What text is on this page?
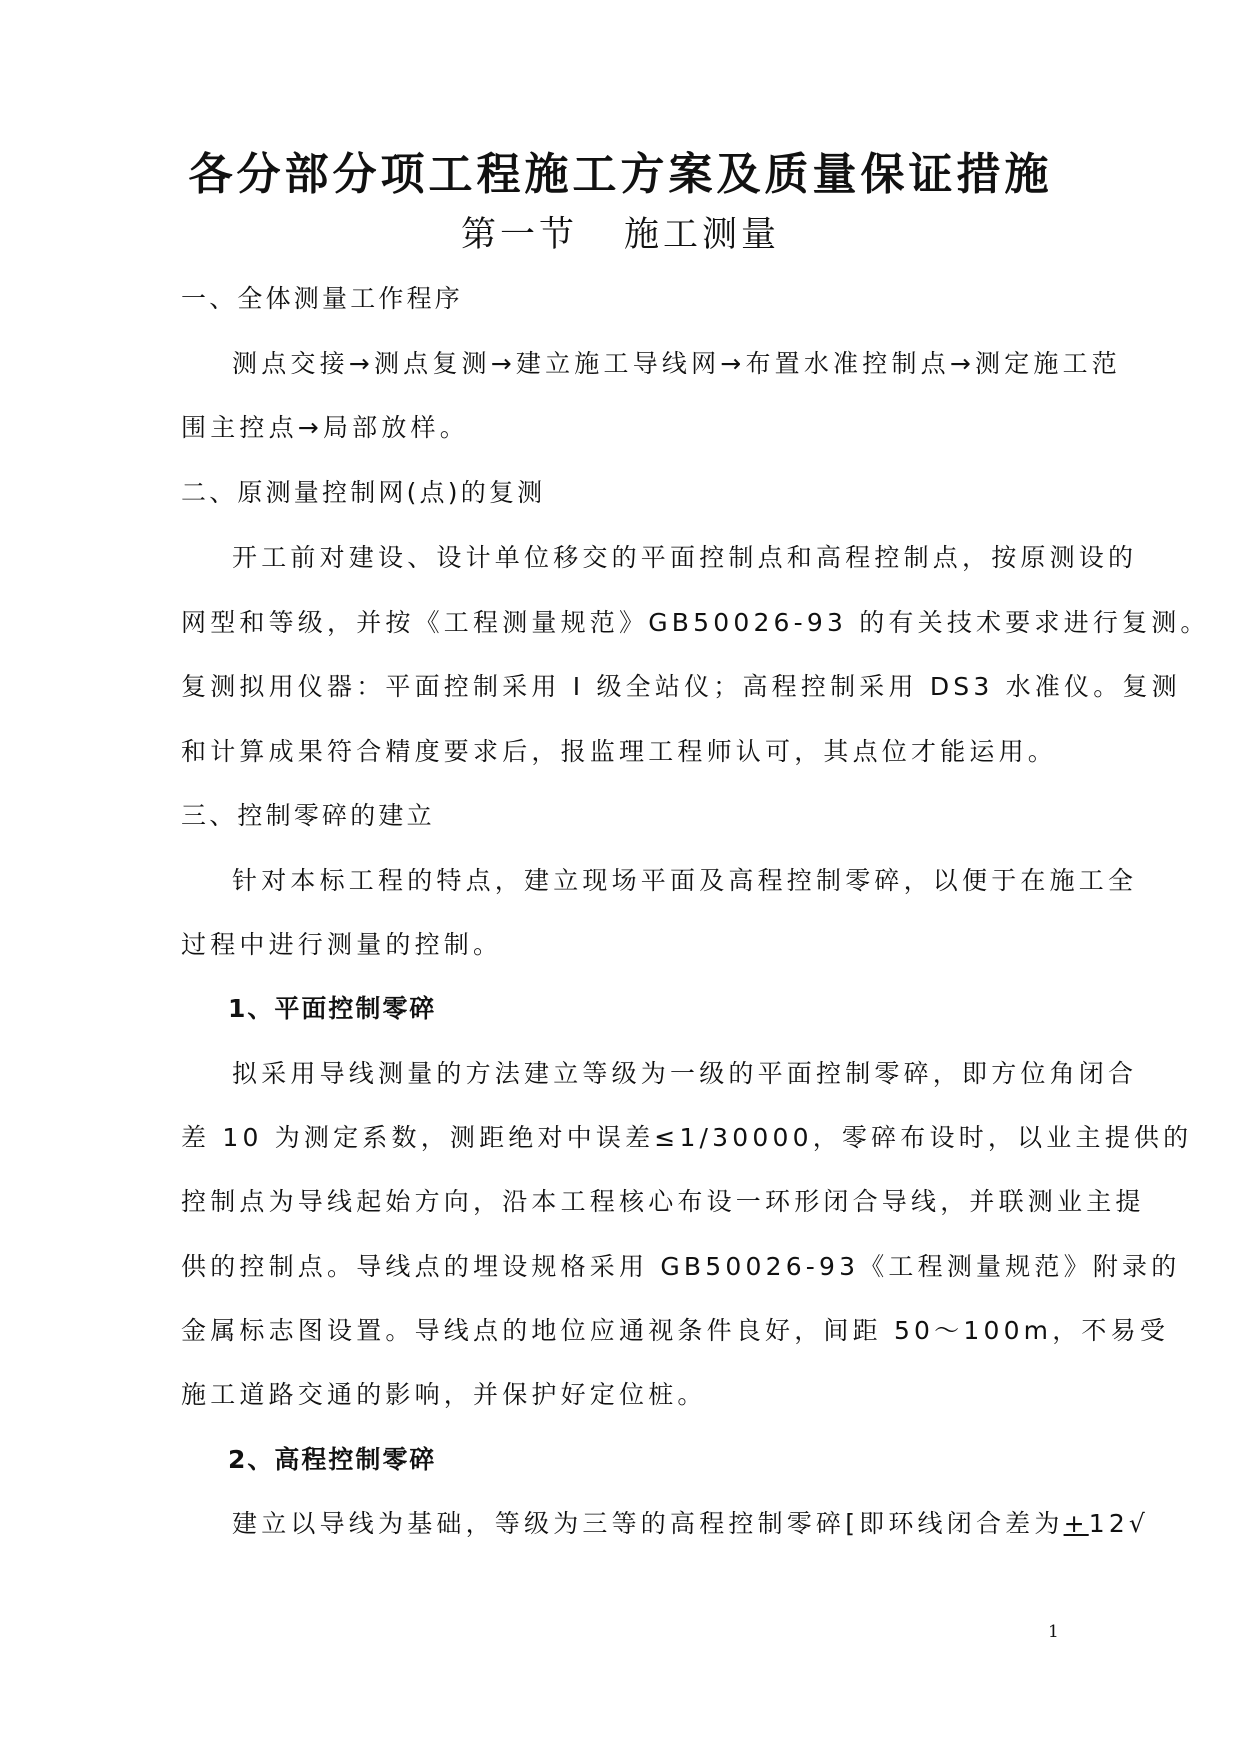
各分部分项工程施工方案及质量保证措施
第一节 施工测量
一、全体测量工作程序
测点交接→测点复测→建立施工导线网→布置水准控制点→测定施工范
围主控点→局部放样。
二、原测量控制网(点)的复测
开工前对建设、设计单位移交的平面控制点和高程控制点，按原测设的
网型和等级，并按《工程测量规范》GB50026-93 的有关技术要求进行复测。
复测拟用仪器：平面控制采用 I 级全站仪；高程控制采用 DS3 水准仪。复测
和计算成果符合精度要求后，报监理工程师认可，其点位才能运用。
三、控制零碎的建立
针对本标工程的特点，建立现场平面及高程控制零碎，以便于在施工全
过程中进行测量的控制。
1、平面控制零碎
拟采用导线测量的方法建立等级为一级的平面控制零碎，即方位角闭合
差 10 为测定系数，测距绝对中误差≤1/30000，零碎布设时，以业主提供的
控制点为导线起始方向，沿本工程核心布设一环形闭合导线，并联测业主提
供的控制点。导线点的埋设规格采用 GB50026-93《工程测量规范》附录的
金属标志图设置。导线点的地位应通视条件良好，间距 50～100m，不易受
施工道路交通的影响，并保护好定位桩。
2、高程控制零碎
建立以导线为基础，等级为三等的高程控制零碎[即环线闭合差为+12√
1
